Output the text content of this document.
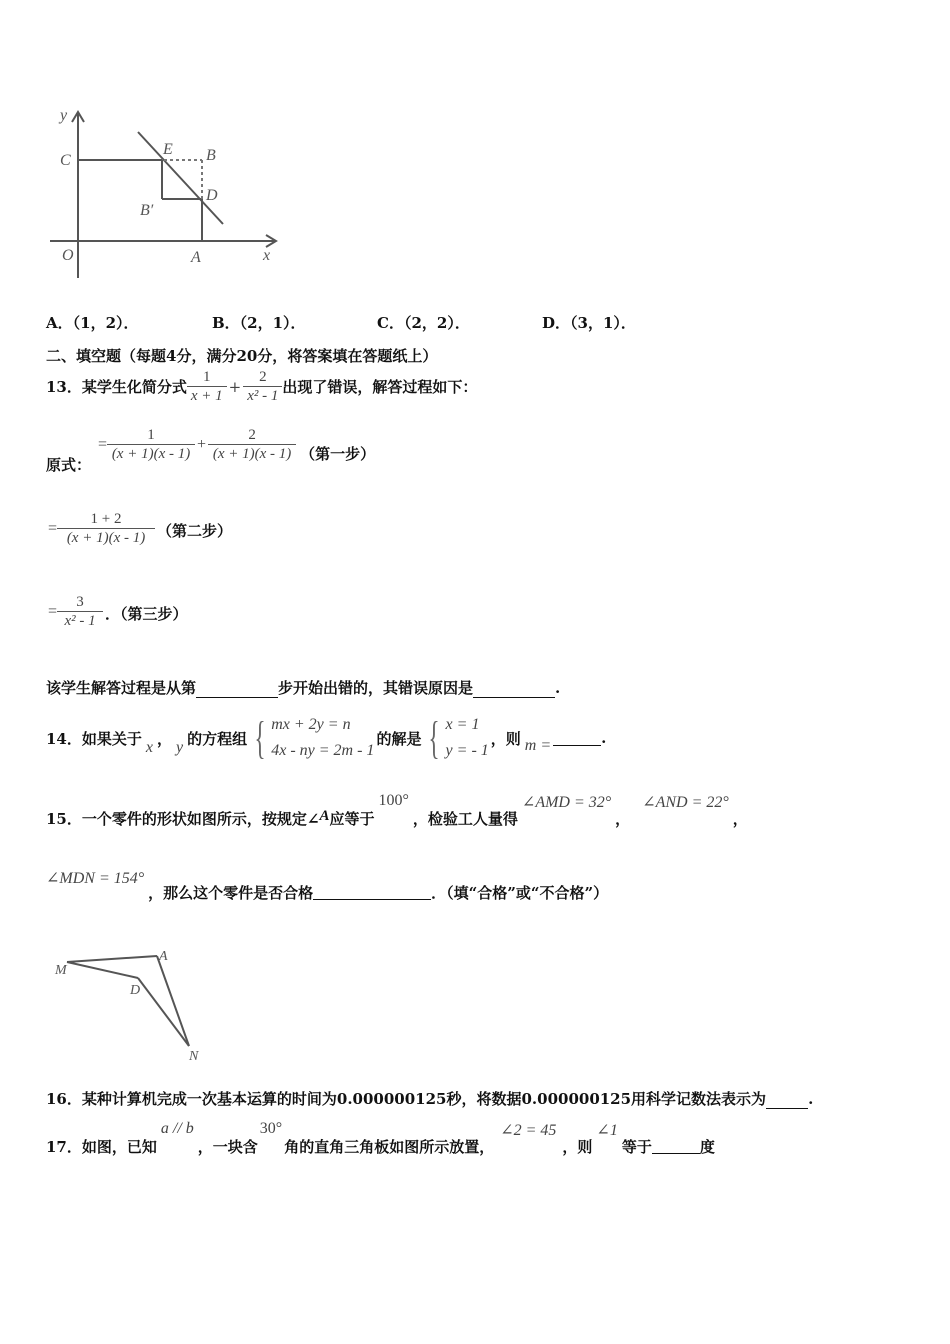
y
C
E B
D
B′
O	A	x
A．（1，2）．	B．（2，1）．	C．（2，2）．	D．（3，1）．
二、填空题（每题4分，满分20分，将答案填在答题纸上）
13．某学生化简分式 $\frac{1}{x + 1} + \frac{2}{\text{x² - 1}}$ 出现了错误，解答过程如下：
原式：
= $\frac{1}{(x + 1)(x - 1)} + \frac{2}{(x + 1)(x - 1)}$ （第一步）
= $\frac{1 + 2}{(x + 1)(x - 1)}$ （第二步）
= $\frac{3}{\text{x² - 1}}$ ．（第三步）
该学生解答过程是从第	步开始出错的，其错误原因是	.
14．如果关于 x ， y 的方程组 { mx + 2y = n
4x - ny = 2m - 1
的解是 { x = 1
y = - 1
，则 m =	.
15．一个零件的形状如图所示，按规定∠ A 应等于
100°
，检验工人量得
∠AMD = 32°
，
∠AND = 22°
，
∠MDN = 154°
，那么这个零件是否合格	．（填“合格”或“不合格”）
M
A
D
N
16．某种计算机完成一次基本运算的时间为0.000000125秒，将数据0.000000125用科学记数法表示为	.
17．如图，已知
a // b
，一块含
30°
角的直角三角板如图所示放置，
∠2 = 45
，则
∠1
等于	度
